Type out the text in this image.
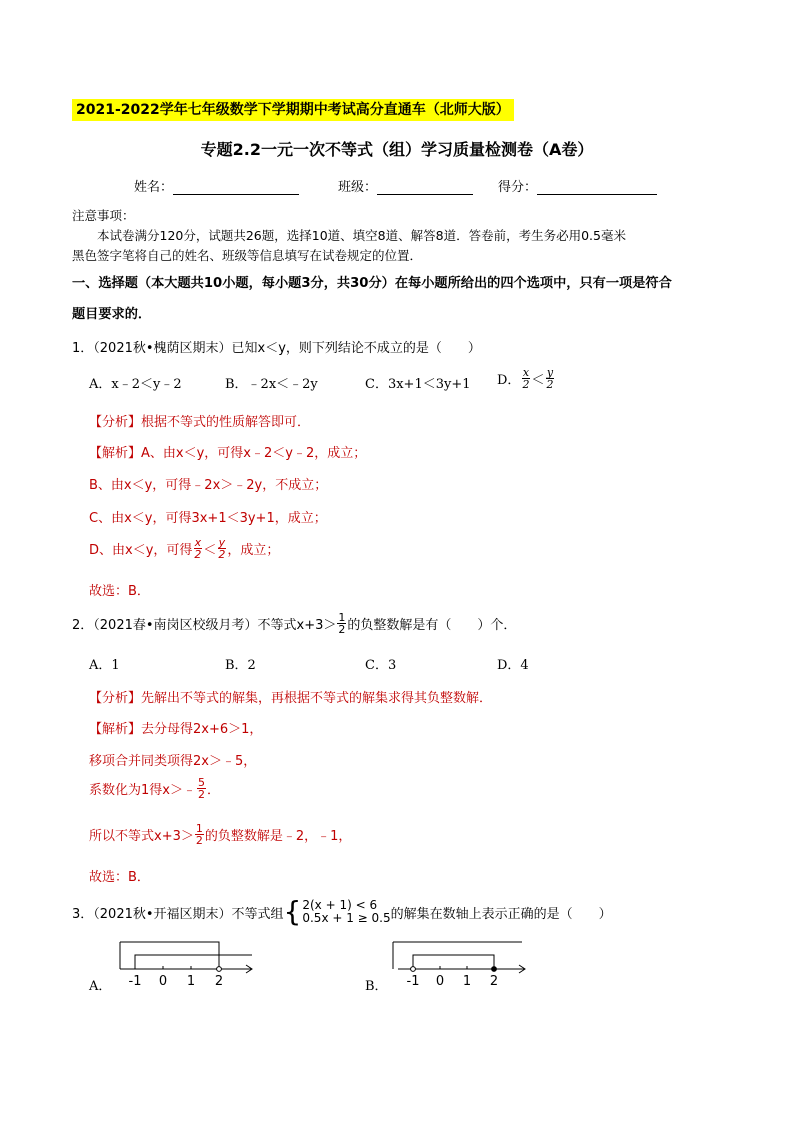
2021-2022学年七年级数学下学期期中考试高分直通车（北师大版）
专题2.2一元一次不等式（组）学习质量检测卷（A卷）
姓名：	班级：	得分：
注意事项：
本试卷满分120分，试题共26题，选择10道、填空8道、解答8道．答卷前，考生务必用0.5毫米
黑色签字笔将自己的姓名、班级等信息填写在试卷规定的位置．
一、选择题（本大题共10小题，每小题3分，共30分）在每小题所给出的四个选项中，只有一项是符合
题目要求的．
1．（2021秋•槐荫区期末）已知x＜y，则下列结论不成立的是（　　）
A．x﹣2＜y﹣2	B．﹣2x＜﹣2y	C．3x+1＜3y+1 D． $\frac{x}{2} < \frac{y}{2}$
【分析】根据不等式的性质解答即可．
【解析】A、由x＜y，可得x﹣2＜y﹣2，成立；
B、由x＜y，可得﹣2x＞﹣2y，不成立；
C、由x＜y，可得3x+1＜3y+1，成立；
D、由x＜y，可得 $\frac{x}{2} < \frac{y}{2}$ ，成立；
故选：B．
2．（2021春•南岗区校级月考）不等式$x+3> \frac{1}{2}$ 的负整数解是有（　　）个．
A．1	B．2	C．3	D．4
【分析】先解出不等式的解集，再根据不等式的解集求得其负整数解．
【解析】去分母得2x+6＞1，
移项合并同类项得2x＞﹣5，
系数化为1得x＞﹣ $\frac{5}{2}$ ．
所以不等式$x+3> \frac{1}{2}$ 的负整数解是﹣2，﹣1，
故选：B．
3．（2021秋•开福区期末）不等式组 { 2(x + 1) < 6
0.5x + 1 ≥ 0.5 的解集在数轴上表示正确的是（　　）
A． -1 0 1 2	B． -1 0 1 2
